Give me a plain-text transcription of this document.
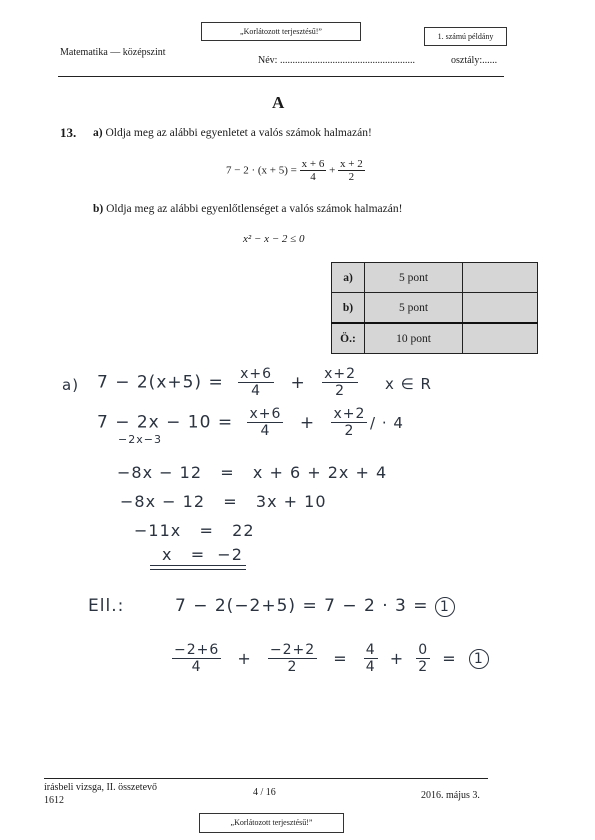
„Korlátozott terjesztésű!”
1. számú példány
Matematika — középszint
Név: ......................................................	osztály:......
A
13. a) Oldja meg az alábbi egyenletet a valós számok halmazán!
$7 - 2 \cdot (x + 5) = \frac{x + 6}{4} + \frac{x + 2}{2}$
b) Oldja meg az alábbi egyenlőtlenséget a valós számok halmazán!
x² − x − 2 ≤ 0
a)	5 pont	
b)	5 pont	
Ö.:	10 pont	
a) $7 - 2(x+5) = \frac{x+6}{4} + \frac{x+2}{2}$ x ∈ R
$7 - 2x - 10 = \frac{x+6}{4} + \frac{x+2}{2}$
−2x−3
/ · 4
−8x − 12   =   x + 6 + 2x + 4
−8x − 12   =   3x + 10
−11x   =   22
x   =  −2
Ell.:	7 − 2(−2+5) = 7 − 2 · 3 = 1
$\frac{-2+6}{4} + \frac{-2+2}{2} = \frac{4}{4} + \frac{0}{2} = 1$
írásbeli vizsga, II. összetevő
1612
4 / 16	2016. május 3.
„Korlátozott terjesztésű!”
